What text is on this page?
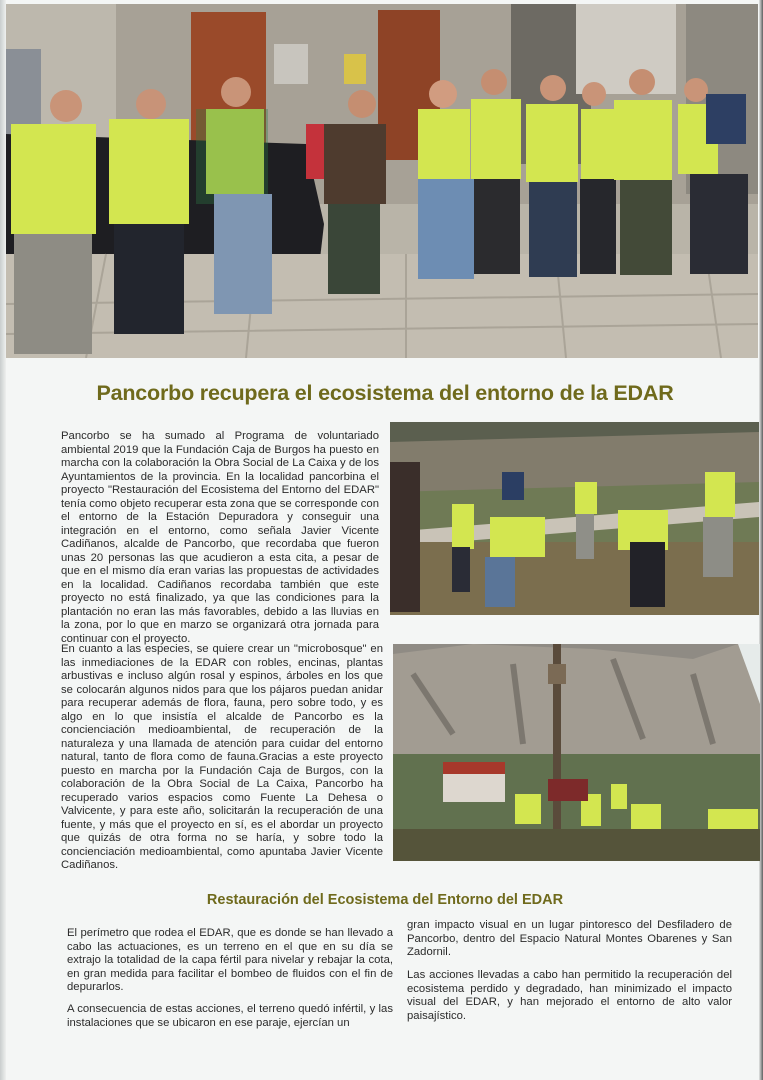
Pancorbo recupera el ecosistema del entorno de la EDAR

Pancorbo se ha sumado al Programa de voluntariado ambiental 2019 que la Fundación Caja de Burgos ha puesto en marcha con la colaboración la Obra Social de La Caixa y de los Ayuntamientos de la provincia. En la localidad pancorbina el proyecto "Restauración del Ecosistema del Entorno del EDAR" tenía como objeto recuperar esta zona que se corresponde con el entorno de la Estación Depuradora y conseguir una integración en el entorno, como señala Javier Vicente Cadiñanos, alcalde de Pancorbo, que recordaba que fueron unas 20 personas las que acudieron a esta cita, a pesar de que en el mismo día eran varias las propuestas de actividades en la localidad. Cadiñanos recordaba también que este proyecto no está finalizado, ya que las condiciones para la plantación no eran las más favorables, debido a las lluvias en la zona, por lo que en marzo se organizará otra jornada para continuar con el proyecto.

En cuanto a las especies, se quiere crear un "microbosque" en las inmediaciones de la EDAR con robles, encinas, plantas arbustivas e incluso algún rosal y espinos, árboles en los que se colocarán algunos nidos para que los pájaros puedan anidar para recuperar además de flora, fauna, pero sobre todo, y es algo en lo que insistía el alcalde de Pancorbo es la concienciación medioambiental, de recuperación de la naturaleza y una llamada de atención para cuidar del entorno natural, tanto de flora como de fauna.Gracias a este proyecto puesto en marcha por la Fundación Caja de Burgos, con la colaboración de la Obra Social de La Caixa, Pancorbo ha recuperado varios espacios como Fuente La Dehesa o Valvicente, y para este año, solicitarán la recuperación de una fuente, y más que el proyecto en sí, es el abordar un proyecto que quizás de otra forma no se haría, y sobre todo la concienciación medioambiental, como apuntaba Javier Vicente Cadiñanos.

Restauración del Ecosistema del Entorno del EDAR

El perímetro que rodea el EDAR, que es donde se han llevado a cabo las actuaciones, es un terreno en el que en su día se extrajo la totalidad de la capa fértil para nivelar y rebajar la cota, en gran medida para facilitar el bombeo de fluidos con el fin de depurarlos.

A consecuencia de estas acciones, el terreno quedó infértil, y las instalaciones que se ubicaron en ese paraje, ejercían un

gran impacto visual en un lugar pintoresco del Desfiladero de Pancorbo, dentro del Espacio Natural Montes Obarenes y San Zadornil.

Las acciones llevadas a cabo han permitido la recuperación del ecosistema perdido y degradado, han minimizado el impacto visual del EDAR, y han mejorado el entorno de alto valor paisajístico.
